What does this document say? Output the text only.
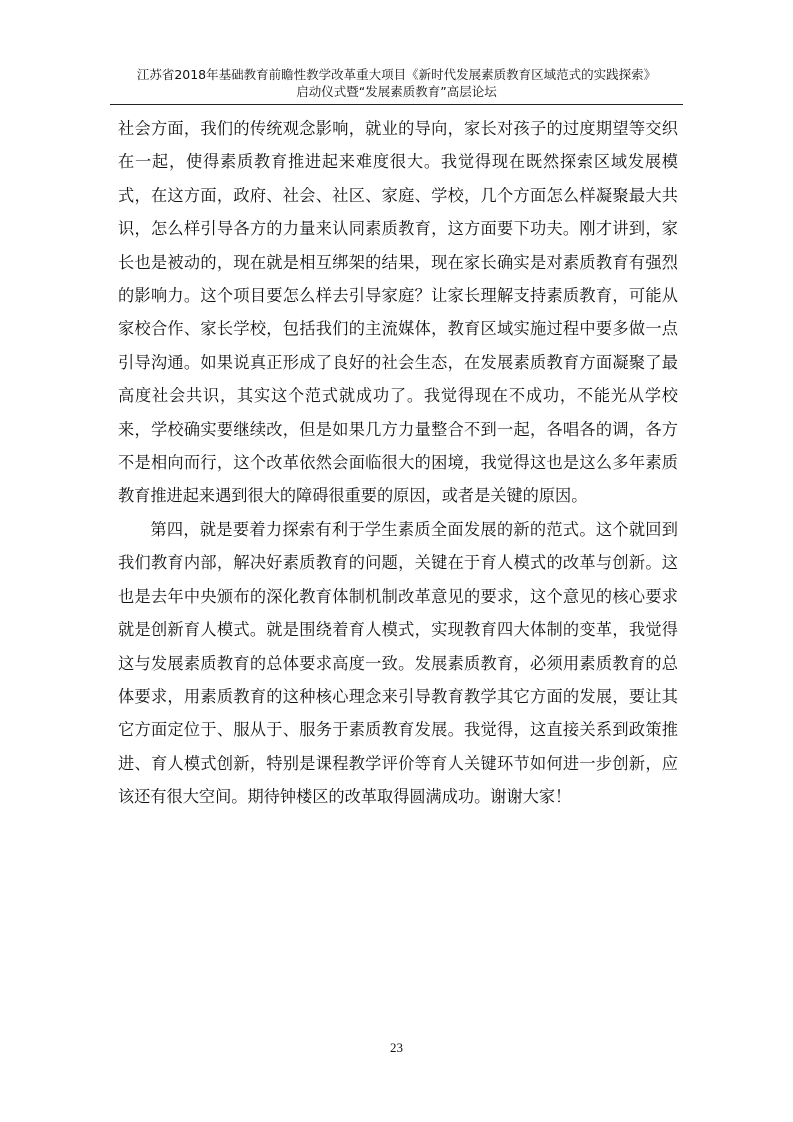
江苏省2018年基础教育前瞻性教学改革重大项目《新时代发展素质教育区域范式的实践探索》
启动仪式暨“发展素质教育”高层论坛

社会方面，我们的传统观念影响，就业的导向，家长对孩子的过度期望等交织在一起，使得素质教育推进起来难度很大。我觉得现在既然探索区域发展模式，在这方面，政府、社会、社区、家庭、学校，几个方面怎么样凝聚最大共识，怎么样引导各方的力量来认同素质教育，这方面要下功夫。刚才讲到，家长也是被动的，现在就是相互绑架的结果，现在家长确实是对素质教育有强烈的影响力。这个项目要怎么样去引导家庭？让家长理解支持素质教育，可能从家校合作、家长学校，包括我们的主流媒体，教育区域实施过程中要多做一点引导沟通。如果说真正形成了良好的社会生态，在发展素质教育方面凝聚了最高度社会共识，其实这个范式就成功了。我觉得现在不成功，不能光从学校来，学校确实要继续改，但是如果几方力量整合不到一起，各唱各的调，各方不是相向而行，这个改革依然会面临很大的困境，我觉得这也是这么多年素质教育推进起来遇到很大的障碍很重要的原因，或者是关键的原因。

第四，就是要着力探索有利于学生素质全面发展的新的范式。这个就回到我们教育内部，解决好素质教育的问题，关键在于育人模式的改革与创新。这也是去年中央颁布的深化教育体制机制改革意见的要求，这个意见的核心要求就是创新育人模式。就是围绕着育人模式，实现教育四大体制的变革，我觉得这与发展素质教育的总体要求高度一致。发展素质教育，必须用素质教育的总体要求，用素质教育的这种核心理念来引导教育教学其它方面的发展，要让其它方面定位于、服从于、服务于素质教育发展。我觉得，这直接关系到政策推进、育人模式创新，特别是课程教学评价等育人关键环节如何进一步创新，应该还有很大空间。期待钟楼区的改革取得圆满成功。谢谢大家！

23
